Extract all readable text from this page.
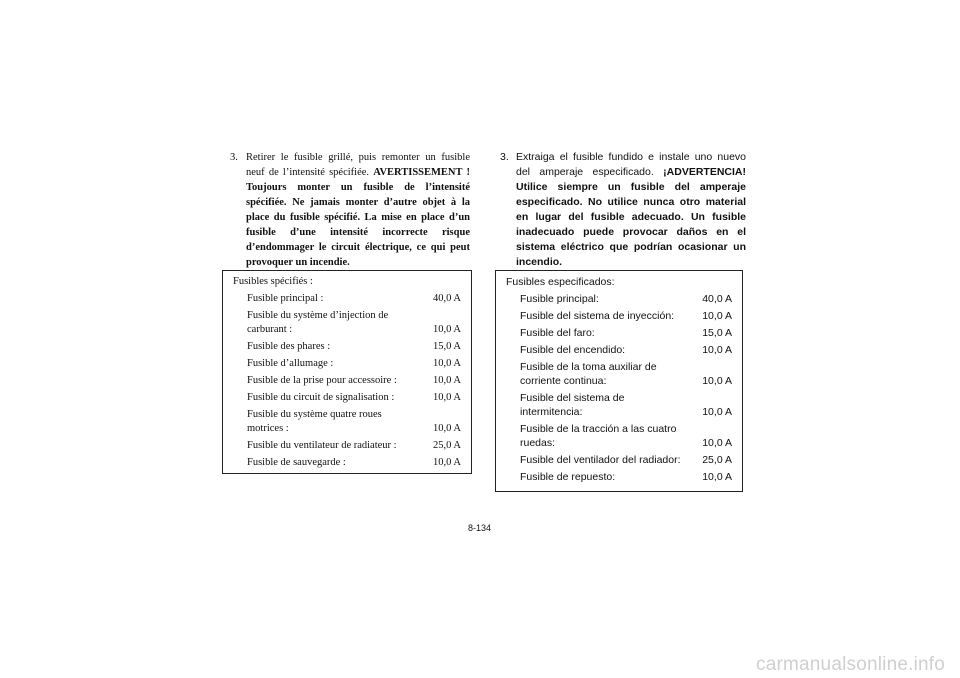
3. Retirer le fusible grillé, puis remonter un fusible neuf de l’intensité spécifiée. AVERTISSEMENT ! Toujours monter un fusible de l’intensité spécifiée. Ne jamais monter d’autre objet à la place du fusible spécifié. La mise en place d’un fusible d’une intensité incorrecte risque d’endommager le circuit électrique, ce qui peut provoquer un incendie.
Fusibles spécifiés :
Fusible principal :	40,0 A
Fusible du système d’injection de
carburant :	10,0 A
Fusible des phares :	15,0 A
Fusible d’allumage :	10,0 A
Fusible de la prise pour accessoire :	10,0 A
Fusible du circuit de signalisation :	10,0 A
Fusible du système quatre roues
motrices :	10,0 A
Fusible du ventilateur de radiateur :	25,0 A
Fusible de sauvegarde :	10,0 A
3. Extraiga el fusible fundido e instale uno nuevo del amperaje especificado. ¡ADVERTENCIA! Utilice siempre un fusible del amperaje especificado. No utilice nunca otro material en lugar del fusible adecuado. Un fusible inadecuado puede provocar daños en el sistema eléctrico que podrían ocasionar un incendio.
Fusibles especificados:
Fusible principal:	40,0 A
Fusible del sistema de inyección:	10,0 A
Fusible del faro:	15,0 A
Fusible del encendido:	10,0 A
Fusible de la toma auxiliar de
corriente continua:	10,0 A
Fusible del sistema de
intermitencia:	10,0 A
Fusible de la tracción a las cuatro
ruedas:	10,0 A
Fusible del ventilador del radiador:	25,0 A
Fusible de repuesto:	10,0 A
8-134
carmanualsonline.info
